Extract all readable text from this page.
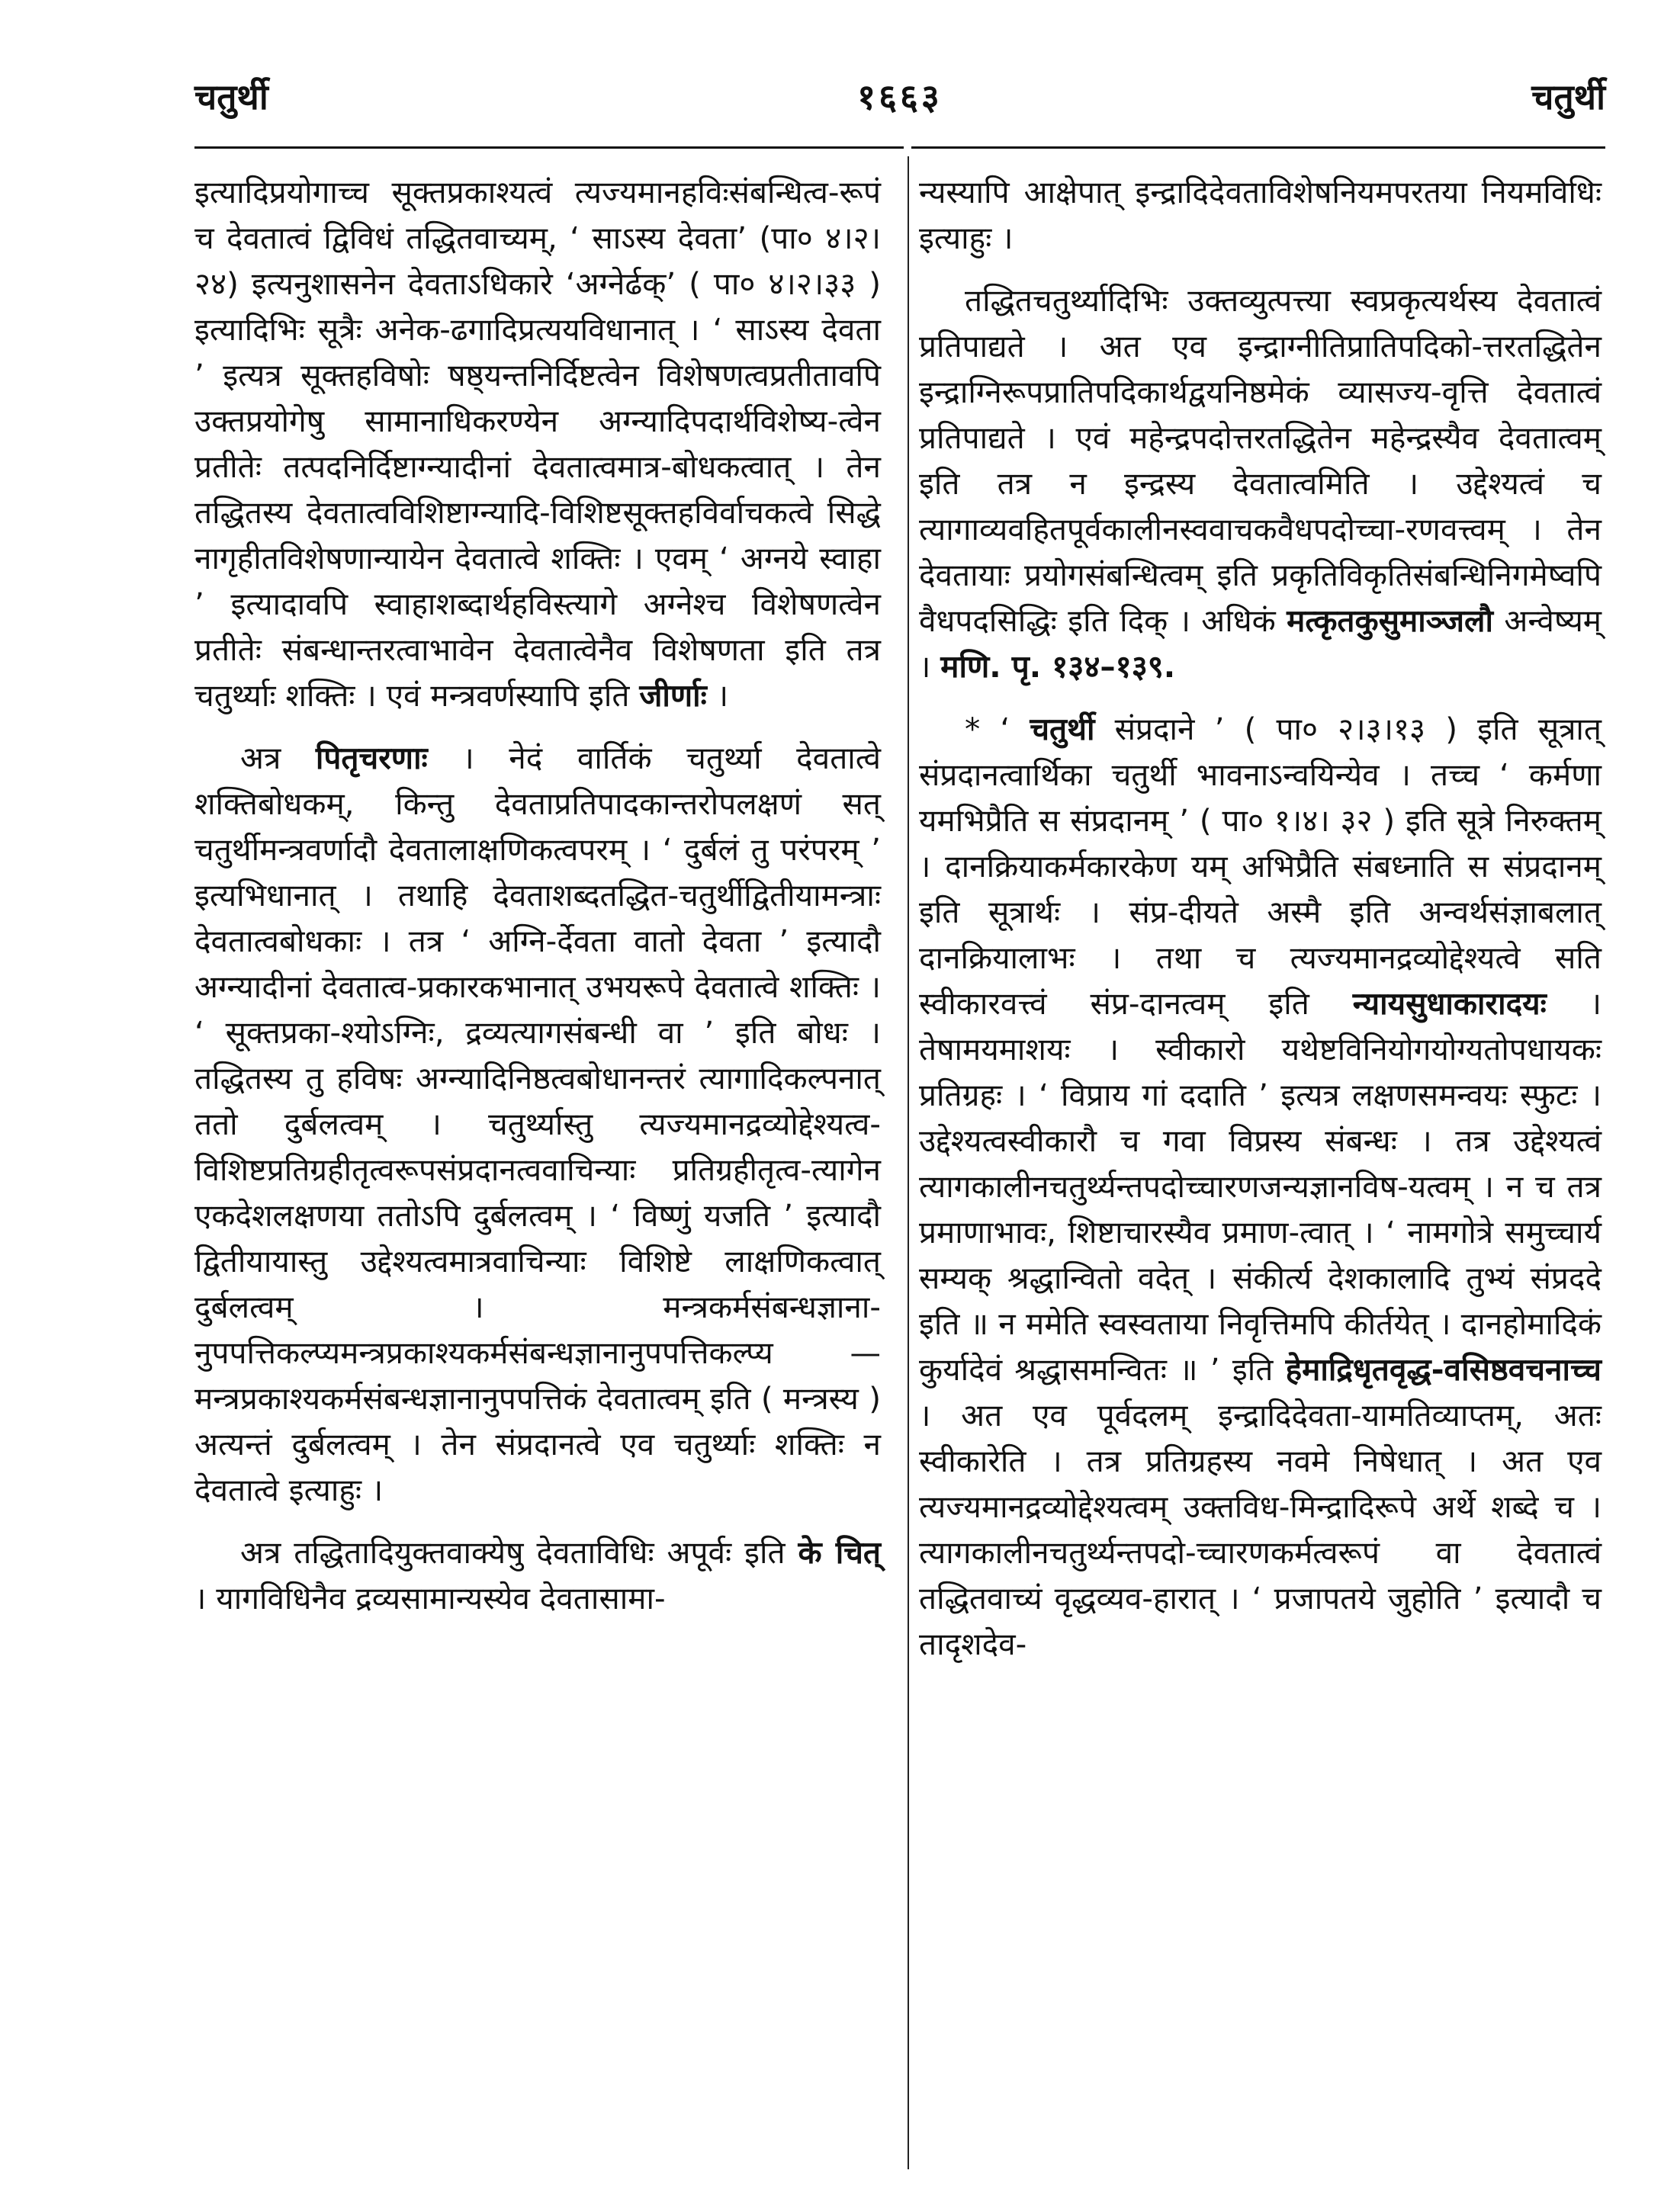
१६६३
चतुर्थी	चतुर्थी

इत्यादिप्रयोगाच्च सूक्तप्रकाश्यत्वं त्यज्यमानहविःसंबन्धित्व-रूपं च देवतात्वं द्विविधं तद्धितवाच्यम्, ‘ साऽस्य देवता’ (पा० ४।२।२४) इत्यनुशासनेन देवताऽधिकारे ‘अग्नेर्ढक्’ ( पा० ४।२।३३ ) इत्यादिभिः सूत्रैः अनेक-ढगादिप्रत्ययविधानात् । ‘ साऽस्य देवता ’ इत्यत्र सूक्तहविषोः षष्ठ्यन्तनिर्दिष्टत्वेन विशेषणत्वप्रतीतावपि उक्तप्रयोगेषु सामानाधिकरण्येन अग्न्यादिपदार्थविशेष्य-त्वेन प्रतीतेः तत्पदनिर्दिष्टाग्न्यादीनां देवतात्वमात्र-बोधकत्वात् । तेन तद्धितस्य देवतात्वविशिष्टाग्न्यादि-विशिष्टसूक्तहविर्वाचकत्वे सिद्धे नागृहीतविशेषणान्यायेन देवतात्वे शक्तिः । एवम् ‘ अग्नये स्वाहा ’ इत्यादावपि स्वाहाशब्दार्थहविस्त्यागे अग्नेश्च विशेषणत्वेन प्रतीतेः संबन्धान्तरत्वाभावेन देवतात्वेनैव विशेषणता इति तत्र चतुर्थ्याः शक्तिः । एवं मन्त्रवर्णस्यापि इति जीर्णाः ।

अत्र पितृचरणाः । नेदं वार्तिकं चतुर्थ्या देवतात्वे शक्तिबोधकम्, किन्तु देवताप्रतिपादकान्तरोपलक्षणं सत् चतुर्थीमन्त्रवर्णादौ देवतालाक्षणिकत्वपरम् । ‘ दुर्बलं तु परंपरम् ’ इत्यभिधानात् । तथाहि देवताशब्दतद्धित-चतुर्थीद्वितीयामन्त्राः देवतात्वबोधकाः । तत्र ‘ अग्नि-र्देवता वातो देवता ’ इत्यादौ अग्न्यादीनां देवतात्व-प्रकारकभानात् उभयरूपे देवतात्वे शक्तिः । ‘ सूक्तप्रका-श्योऽग्निः, द्रव्यत्यागसंबन्धी वा ’ इति बोधः । तद्धितस्य तु हविषः अग्न्यादिनिष्ठत्वबोधानन्तरं त्यागादिकल्पनात् ततो दुर्बलत्वम् । चतुर्थ्यास्तु त्यज्यमानद्रव्योद्देश्यत्व-विशिष्टप्रतिग्रहीतृत्वरूपसंप्रदानत्ववाचिन्याः प्रतिग्रहीतृत्व-त्यागेन एकदेशलक्षणया ततोऽपि दुर्बलत्वम् । ‘ विष्णुं यजति ’ इत्यादौ द्वितीयायास्तु उद्देश्यत्वमात्रवाचिन्याः विशिष्टे लाक्षणिकत्वात् दुर्बलत्वम् । मन्त्रकर्मसंबन्धज्ञाना-नुपपत्तिकल्प्यमन्त्रप्रकाश्यकर्मसंबन्धज्ञानानुपपत्तिकल्प्य — मन्त्रप्रकाश्यकर्मसंबन्धज्ञानानुपपत्तिकं देवतात्वम् इति ( मन्त्रस्य ) अत्यन्तं दुर्बलत्वम् । तेन संप्रदानत्वे एव चतुर्थ्याः शक्तिः न देवतात्वे इत्याहुः ।

अत्र तद्धितादियुक्तवाक्येषु देवताविधिः अपूर्वः इति के चित् । यागविधिनैव द्रव्यसामान्यस्येव देवतासामा-

न्यस्यापि आक्षेपात् इन्द्रादिदेवताविशेषनियमपरतया नियमविधिः इत्याहुः ।

तद्धितचतुर्थ्यादिभिः उक्तव्युत्पत्त्या स्वप्रकृत्यर्थस्य देवतात्वं प्रतिपाद्यते । अत एव इन्द्राग्नीतिप्रातिपदिको-त्तरतद्धितेन इन्द्राग्निरूपप्रातिपदिकार्थद्वयनिष्ठमेकं व्यासज्य-वृत्ति देवतात्वं प्रतिपाद्यते । एवं महेन्द्रपदोत्तरतद्धितेन महेन्द्रस्यैव देवतात्वम् इति तत्र न इन्द्रस्य देवतात्वमिति । उद्देश्यत्वं च त्यागाव्यवहितपूर्वकालीनस्ववाचकवैधपदोच्चा-रणवत्त्वम् । तेन देवतायाः प्रयोगसंबन्धित्वम् इति प्रकृतिविकृतिसंबन्धिनिगमेष्वपि वैधपदसिद्धिः इति दिक् । अधिकं मत्कृतकुसुमाञ्जलौ अन्वेष्यम् । मणि. पृ. १३४–१३९.

* ‘ चतुर्थी संप्रदाने ’ ( पा० २।३।१३ ) इति सूत्रात् संप्रदानत्वार्थिका चतुर्थी भावनाऽन्वयिन्येव । तच्च ‘ कर्मणा यमभिप्रैति स संप्रदानम् ’ ( पा० १।४। ३२ ) इति सूत्रे निरुक्तम् । दानक्रियाकर्मकारकेण यम् अभिप्रैति संबध्नाति स संप्रदानम् इति सूत्रार्थः । संप्र-दीयते अस्मै इति अन्वर्थसंज्ञाबलात् दानक्रियालाभः । तथा च त्यज्यमानद्रव्योद्देश्यत्वे सति स्वीकारवत्त्वं संप्र-दानत्वम् इति न्यायसुधाकारादयः । तेषामयमाशयः । स्वीकारो यथेष्टविनियोगयोग्यतोपधायकः प्रतिग्रहः । ‘ विप्राय गां ददाति ’ इत्यत्र लक्षणसमन्वयः स्फुटः । उद्देश्यत्वस्वीकारौ च गवा विप्रस्य संबन्धः । तत्र उद्देश्यत्वं त्यागकालीनचतुर्थ्यन्तपदोच्चारणजन्यज्ञानविष-यत्वम् । न च तत्र प्रमाणाभावः, शिष्टाचारस्यैव प्रमाण-त्वात् । ‘ नामगोत्रे समुच्चार्य सम्यक् श्रद्धान्वितो वदेत् । संकीर्त्य देशकालादि तुभ्यं संप्रददे इति ॥ न ममेति स्वस्वताया निवृत्तिमपि कीर्तयेत् । दानहोमादिकं कुर्यादेवं श्रद्धासमन्वितः ॥ ’ इति हेमाद्रिधृतवृद्ध-वसिष्ठवचनाच्च । अत एव पूर्वदलम् इन्द्रादिदेवता-यामतिव्याप्तम्, अतः स्वीकारेति । तत्र प्रतिग्रहस्य नवमे निषेधात् । अत एव त्यज्यमानद्रव्योद्देश्यत्वम् उक्तविध-मिन्द्रादिरूपे अर्थे शब्दे च । त्यागकालीनचतुर्थ्यन्तपदो-च्चारणकर्मत्वरूपं वा देवतात्वं तद्धितवाच्यं वृद्धव्यव-हारात् । ‘ प्रजापतये जुहोति ’ इत्यादौ च तादृशदेव-
